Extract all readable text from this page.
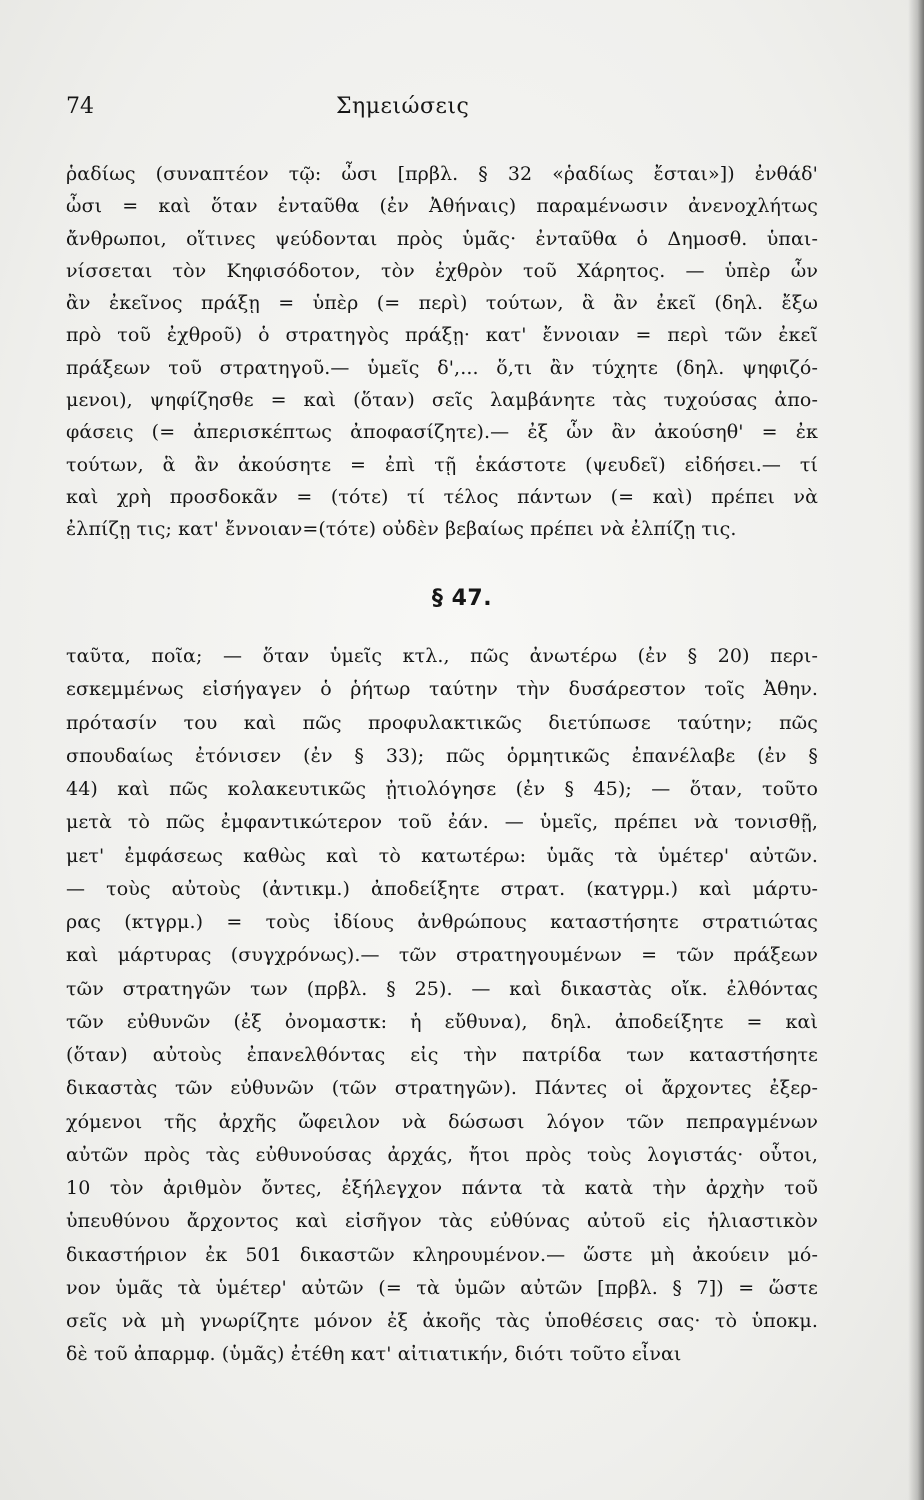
74	Σημειώσεις
ῥαδίως (συναπτέον τῷ: ὦσι [πρβλ. § 32 «ῥαδίως ἔσται»]) ἐνθάδ'
ὦσι = καὶ ὅταν ἐνταῦθα (ἐν Ἀθήναις) παραμένωσιν ἀνενοχλήτως
ἄνθρωποι, οἵτινες ψεύδονται πρὸς ὑμᾶς· ἐνταῦθα ὁ Δημοσθ. ὑπαι-
νίσσεται τὸν Κηφισόδοτον, τὸν ἐχθρὸν τοῦ Χάρητος. — ὑπὲρ ὧν
ἂν ἐκεῖνος πράξῃ = ὑπὲρ (= περὶ) τούτων, ἃ ἂν ἐκεῖ (δηλ. ἔξω
πρὸ τοῦ ἐχθροῦ) ὁ στρατηγὸς πράξῃ· κατ' ἔννοιαν = περὶ τῶν ἐκεῖ
πράξεων τοῦ στρατηγοῦ.— ὑμεῖς δ',... ὅ,τι ἂν τύχητε (δηλ. ψηφιζό-
μενοι), ψηφίζησθε = καὶ (ὅταν) σεῖς λαμβάνητε τὰς τυχούσας ἀπο-
φάσεις (= ἀπερισκέπτως ἀποφασίζητε).— ἐξ ὧν ἂν ἀκούσηθ' = ἐκ
τούτων, ἃ ἂν ἀκούσητε = ἐπὶ τῇ ἑκάστοτε (ψευδεῖ) εἰδήσει.— τί
καὶ χρὴ προσδοκᾶν = (τότε) τί τέλος πάντων (= καὶ) πρέπει νὰ
ἐλπίζῃ τις; κατ' ἔννοιαν=(τότε) οὐδὲν βεβαίως πρέπει νὰ ἐλπίζῃ τις.
§ 47.
ταῦτα, ποῖα; — ὅταν ὑμεῖς κτλ., πῶς ἀνωτέρω (ἐν § 20) περι-
εσκεμμένως εἰσήγαγεν ὁ ῥήτωρ ταύτην τὴν δυσάρεστον τοῖς Ἀθην.
πρότασίν του καὶ πῶς προφυλακτικῶς διετύπωσε ταύτην; πῶς
σπουδαίως ἐτόνισεν (ἐν § 33); πῶς ὁρμητικῶς ἐπανέλαβε (ἐν §
44) καὶ πῶς κολακευτικῶς ᾐτιολόγησε (ἐν § 45); — ὅταν, τοῦτο
μετὰ τὸ πῶς ἐμφαντικώτερον τοῦ ἐάν. — ὑμεῖς, πρέπει νὰ τονισθῇ,
μετ' ἐμφάσεως καθὼς καὶ τὸ κατωτέρω: ὑμᾶς τὰ ὑμέτερ' αὐτῶν.
— τοὺς αὐτοὺς (ἀντικμ.) ἀποδείξητε στρατ. (κατγρμ.) καὶ μάρτυ-
ρας (κτγρμ.) = τοὺς ἰδίους ἀνθρώπους καταστήσητε στρατιώτας
καὶ μάρτυρας (συγχρόνως).— τῶν στρατηγουμένων = τῶν πράξεων
τῶν στρατηγῶν των (πρβλ. § 25). — καὶ δικαστὰς οἴκ. ἐλθόντας
τῶν εὐθυνῶν (ἐξ ὀνομαστκ: ἡ εὔθυνα), δηλ. ἀποδείξητε = καὶ
(ὅταν) αὐτοὺς ἐπανελθόντας εἰς τὴν πατρίδα των καταστήσητε
δικαστὰς τῶν εὐθυνῶν (τῶν στρατηγῶν). Πάντες οἱ ἄρχοντες ἐξερ-
χόμενοι τῆς ἀρχῆς ὤφειλον νὰ δώσωσι λόγον τῶν πεπραγμένων
αὐτῶν πρὸς τὰς εὐθυνούσας ἀρχάς, ἤτοι πρὸς τοὺς λογιστάς· οὗτοι,
10 τὸν ἀριθμὸν ὄντες, ἐξήλεγχον πάντα τὰ κατὰ τὴν ἀρχὴν τοῦ
ὑπευθύνου ἄρχοντος καὶ εἰσῆγον τὰς εὐθύνας αὐτοῦ εἰς ἡλιαστικὸν
δικαστήριον ἐκ 501 δικαστῶν κληρουμένον.— ὥστε μὴ ἀκούειν μό-
νον ὑμᾶς τὰ ὑμέτερ' αὐτῶν (= τὰ ὑμῶν αὐτῶν [πρβλ. § 7]) = ὥστε
σεῖς νὰ μὴ γνωρίζητε μόνον ἐξ ἀκοῆς τὰς ὑποθέσεις σας· τὸ ὑποκμ.
δὲ τοῦ ἀπαρμφ. (ὑμᾶς) ἐτέθη κατ' αἰτιατικήν, διότι τοῦτο εἶναι
